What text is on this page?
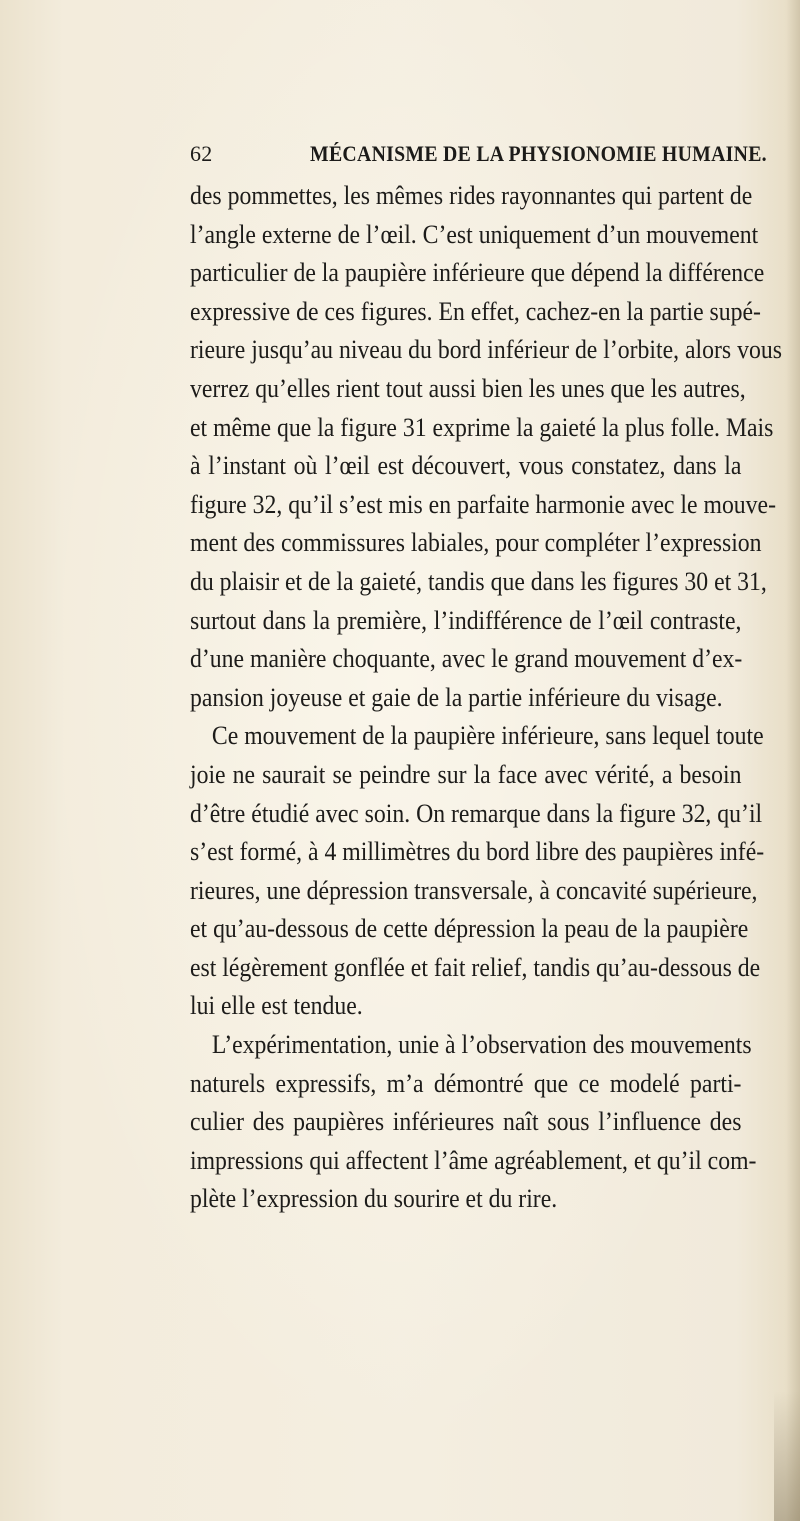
62	MÉCANISME DE LA PHYSIONOMIE HUMAINE.
des pommettes, les mêmes rides rayonnantes qui partent de
l’angle externe de l’œil. C’est uniquement d’un mouvement
particulier de la paupière inférieure que dépend la différence
expressive de ces figures. En effet, cachez-en la partie supé-
rieure jusqu’au niveau du bord inférieur de l’orbite, alors vous
verrez qu’elles rient tout aussi bien les unes que les autres,
et même que la figure 31 exprime la gaieté la plus folle. Mais
à l’instant où l’œil est découvert, vous constatez, dans la
figure 32, qu’il s’est mis en parfaite harmonie avec le mouve-
ment des commissures labiales, pour compléter l’expression
du plaisir et de la gaieté, tandis que dans les figures 30 et 31,
surtout dans la première, l’indifférence de l’œil contraste,
d’une manière choquante, avec le grand mouvement d’ex-
pansion joyeuse et gaie de la partie inférieure du visage.
Ce mouvement de la paupière inférieure, sans lequel toute
joie ne saurait se peindre sur la face avec vérité, a besoin
d’être étudié avec soin. On remarque dans la figure 32, qu’il
s’est formé, à 4 millimètres du bord libre des paupières infé-
rieures, une dépression transversale, à concavité supérieure,
et qu’au-dessous de cette dépression la peau de la paupière
est légèrement gonflée et fait relief, tandis qu’au-dessous de
lui elle est tendue.
L’expérimentation, unie à l’observation des mouvements
naturels expressifs, m’a démontré que ce modelé parti-
culier des paupières inférieures naît sous l’influence des
impressions qui affectent l’âme agréablement, et qu’il com-
plète l’expression du sourire et du rire.
